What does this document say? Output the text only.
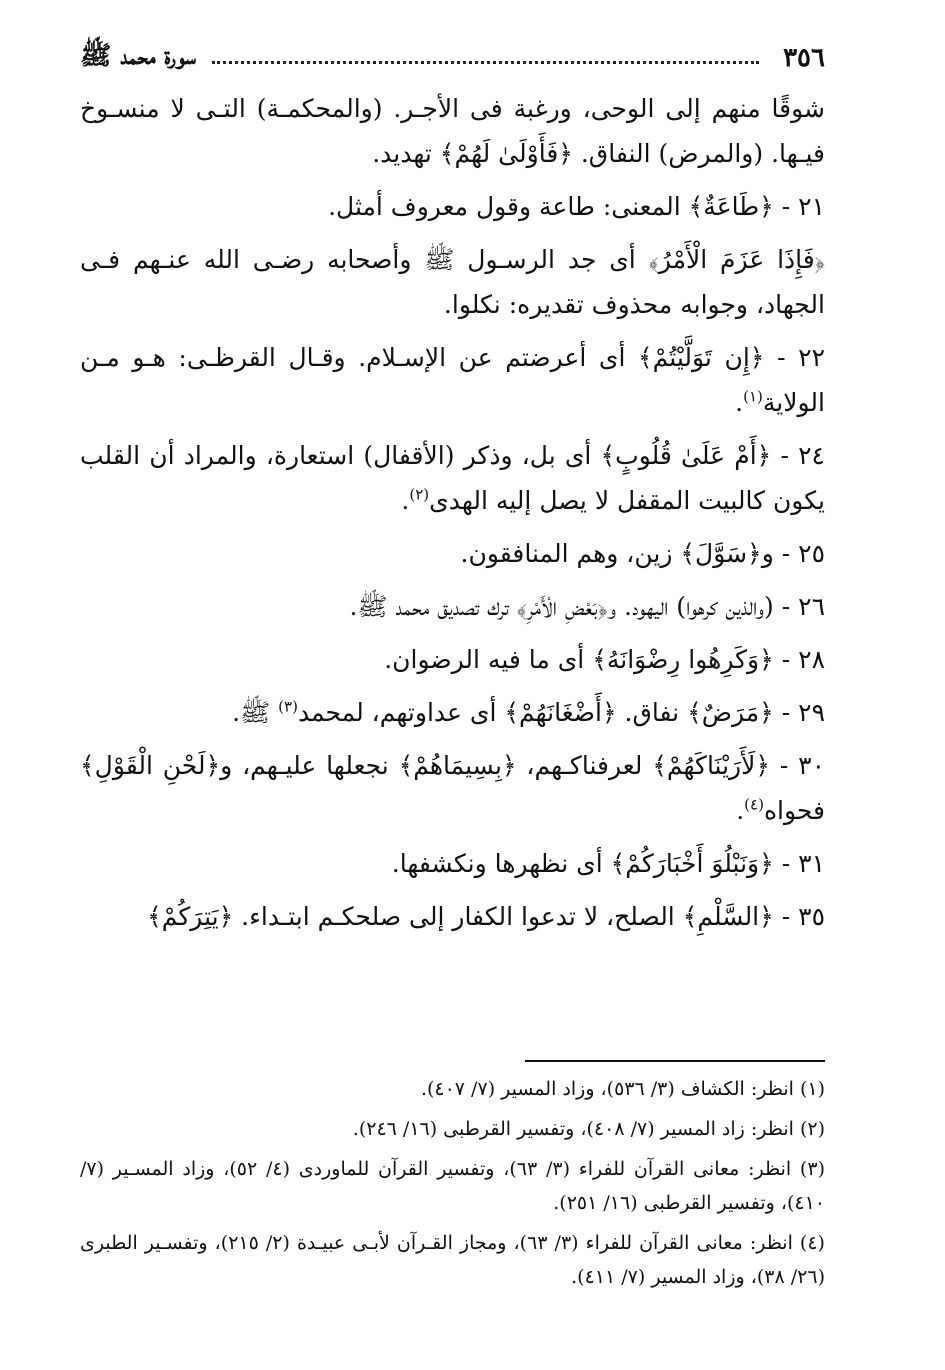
٣٥٦
سورة محمد ﷺ

شوقًا منهم إلى الوحى، ورغبة فى الأجـر. (والمحكمـة) التـى لا منسـوخ فيـها. (والمرض) النفاق. ﴿فَأَوْلَىٰ لَهُمْ﴾ تهديد.

٢١ - ﴿طَاعَةٌ﴾ المعنى: طاعة وقول معروف أمثل.

﴿فَإِذَا عَزَمَ الْأَمْرُ﴾ أى جد الرسـول ﷺ وأصحابه رضـى الله عنـهم فـى الجهاد، وجوابه محذوف تقديره: نكلوا.

٢٢ - ﴿إِن تَوَلَّيْتُمْ﴾ أى أعرضتم عن الإسـلام. وقـال القرظـى: هـو مـن الولاية$^{(١)}$.

٢٤ - ﴿أَمْ عَلَىٰ قُلُوبٍ﴾ أى بل، وذكر (الأقفال) استعارة، والمراد أن القلب يكون كالبيت المقفل لا يصل إليه الهدى$^{(٢)}$.

٢٥ - و﴿سَوَّلَ﴾ زين، وهم المنافقون.

٢٦ - (والذين كرهوا) اليهود. و﴿بَعْضِ الْأَمْرِ﴾ ترك تصديق محمد ﷺ.

٢٨ - ﴿وَكَرِهُوا رِضْوَانَهُ﴾ أى ما فيه الرضوان.

٢٩ - ﴿مَرَضٌ﴾ نفاق. ﴿أَضْغَانَهُمْ﴾ أى عداوتهم، لمحمد$^{(٣)}$ ﷺ.

٣٠ - ﴿لَأَرَيْنَاكَهُمْ﴾ لعرفناكـهم، ﴿بِسِيمَاهُمْ﴾ نجعلها عليـهم، و﴿لَحْنِ الْقَوْلِ﴾ فحواه$^{(٤)}$.

٣١ - ﴿وَنَبْلُوَ أَخْبَارَكُمْ﴾ أى نظهرها ونكشفها.

٣٥ - ﴿السَّلْمِ﴾ الصلح، لا تدعوا الكفار إلى صلحكـم ابتـداء. ﴿يَتِرَكُمْ﴾

(١) انظر: الكشاف (٣/ ٥٣٦)، وزاد المسير (٧/ ٤٠٧).

(٢) انظر: زاد المسير (٧/ ٤٠٨)، وتفسير القرطبى (١٦/ ٢٤٦).

(٣) انظر: معانى القرآن للفراء (٣/ ٦٣)، وتفسير القرآن للماوردى (٤/ ٥٢)، وزاد المسـير (٧/ ٤١٠)، وتفسير القرطبى (١٦/ ٢٥١).

(٤) انظر: معانى القرآن للفراء (٣/ ٦٣)، ومجاز القـرآن لأبـى عبيـدة (٢/ ٢١٥)، وتفسـير الطبرى (٢٦/ ٣٨)، وزاد المسير (٧/ ٤١١).
